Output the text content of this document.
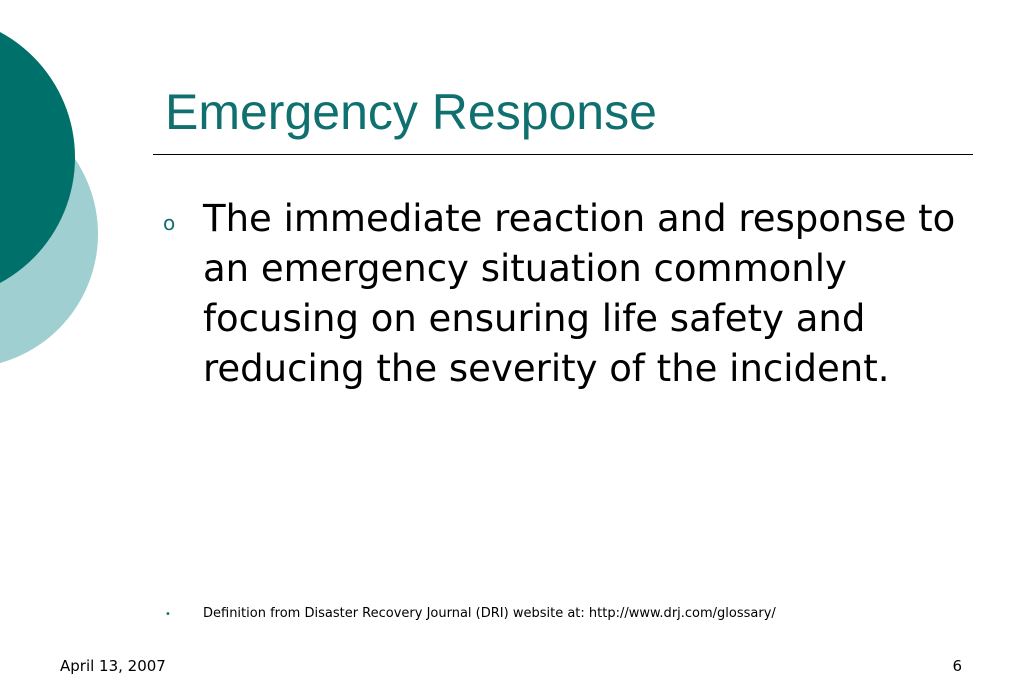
Emergency Response
o The immediate reaction and response to an emergency situation commonly focusing on ensuring life safety and reducing the severity of the incident.
•	Definition from Disaster Recovery Journal (DRI) website at: http://www.drj.com/glossary/
April 13, 2007	6
